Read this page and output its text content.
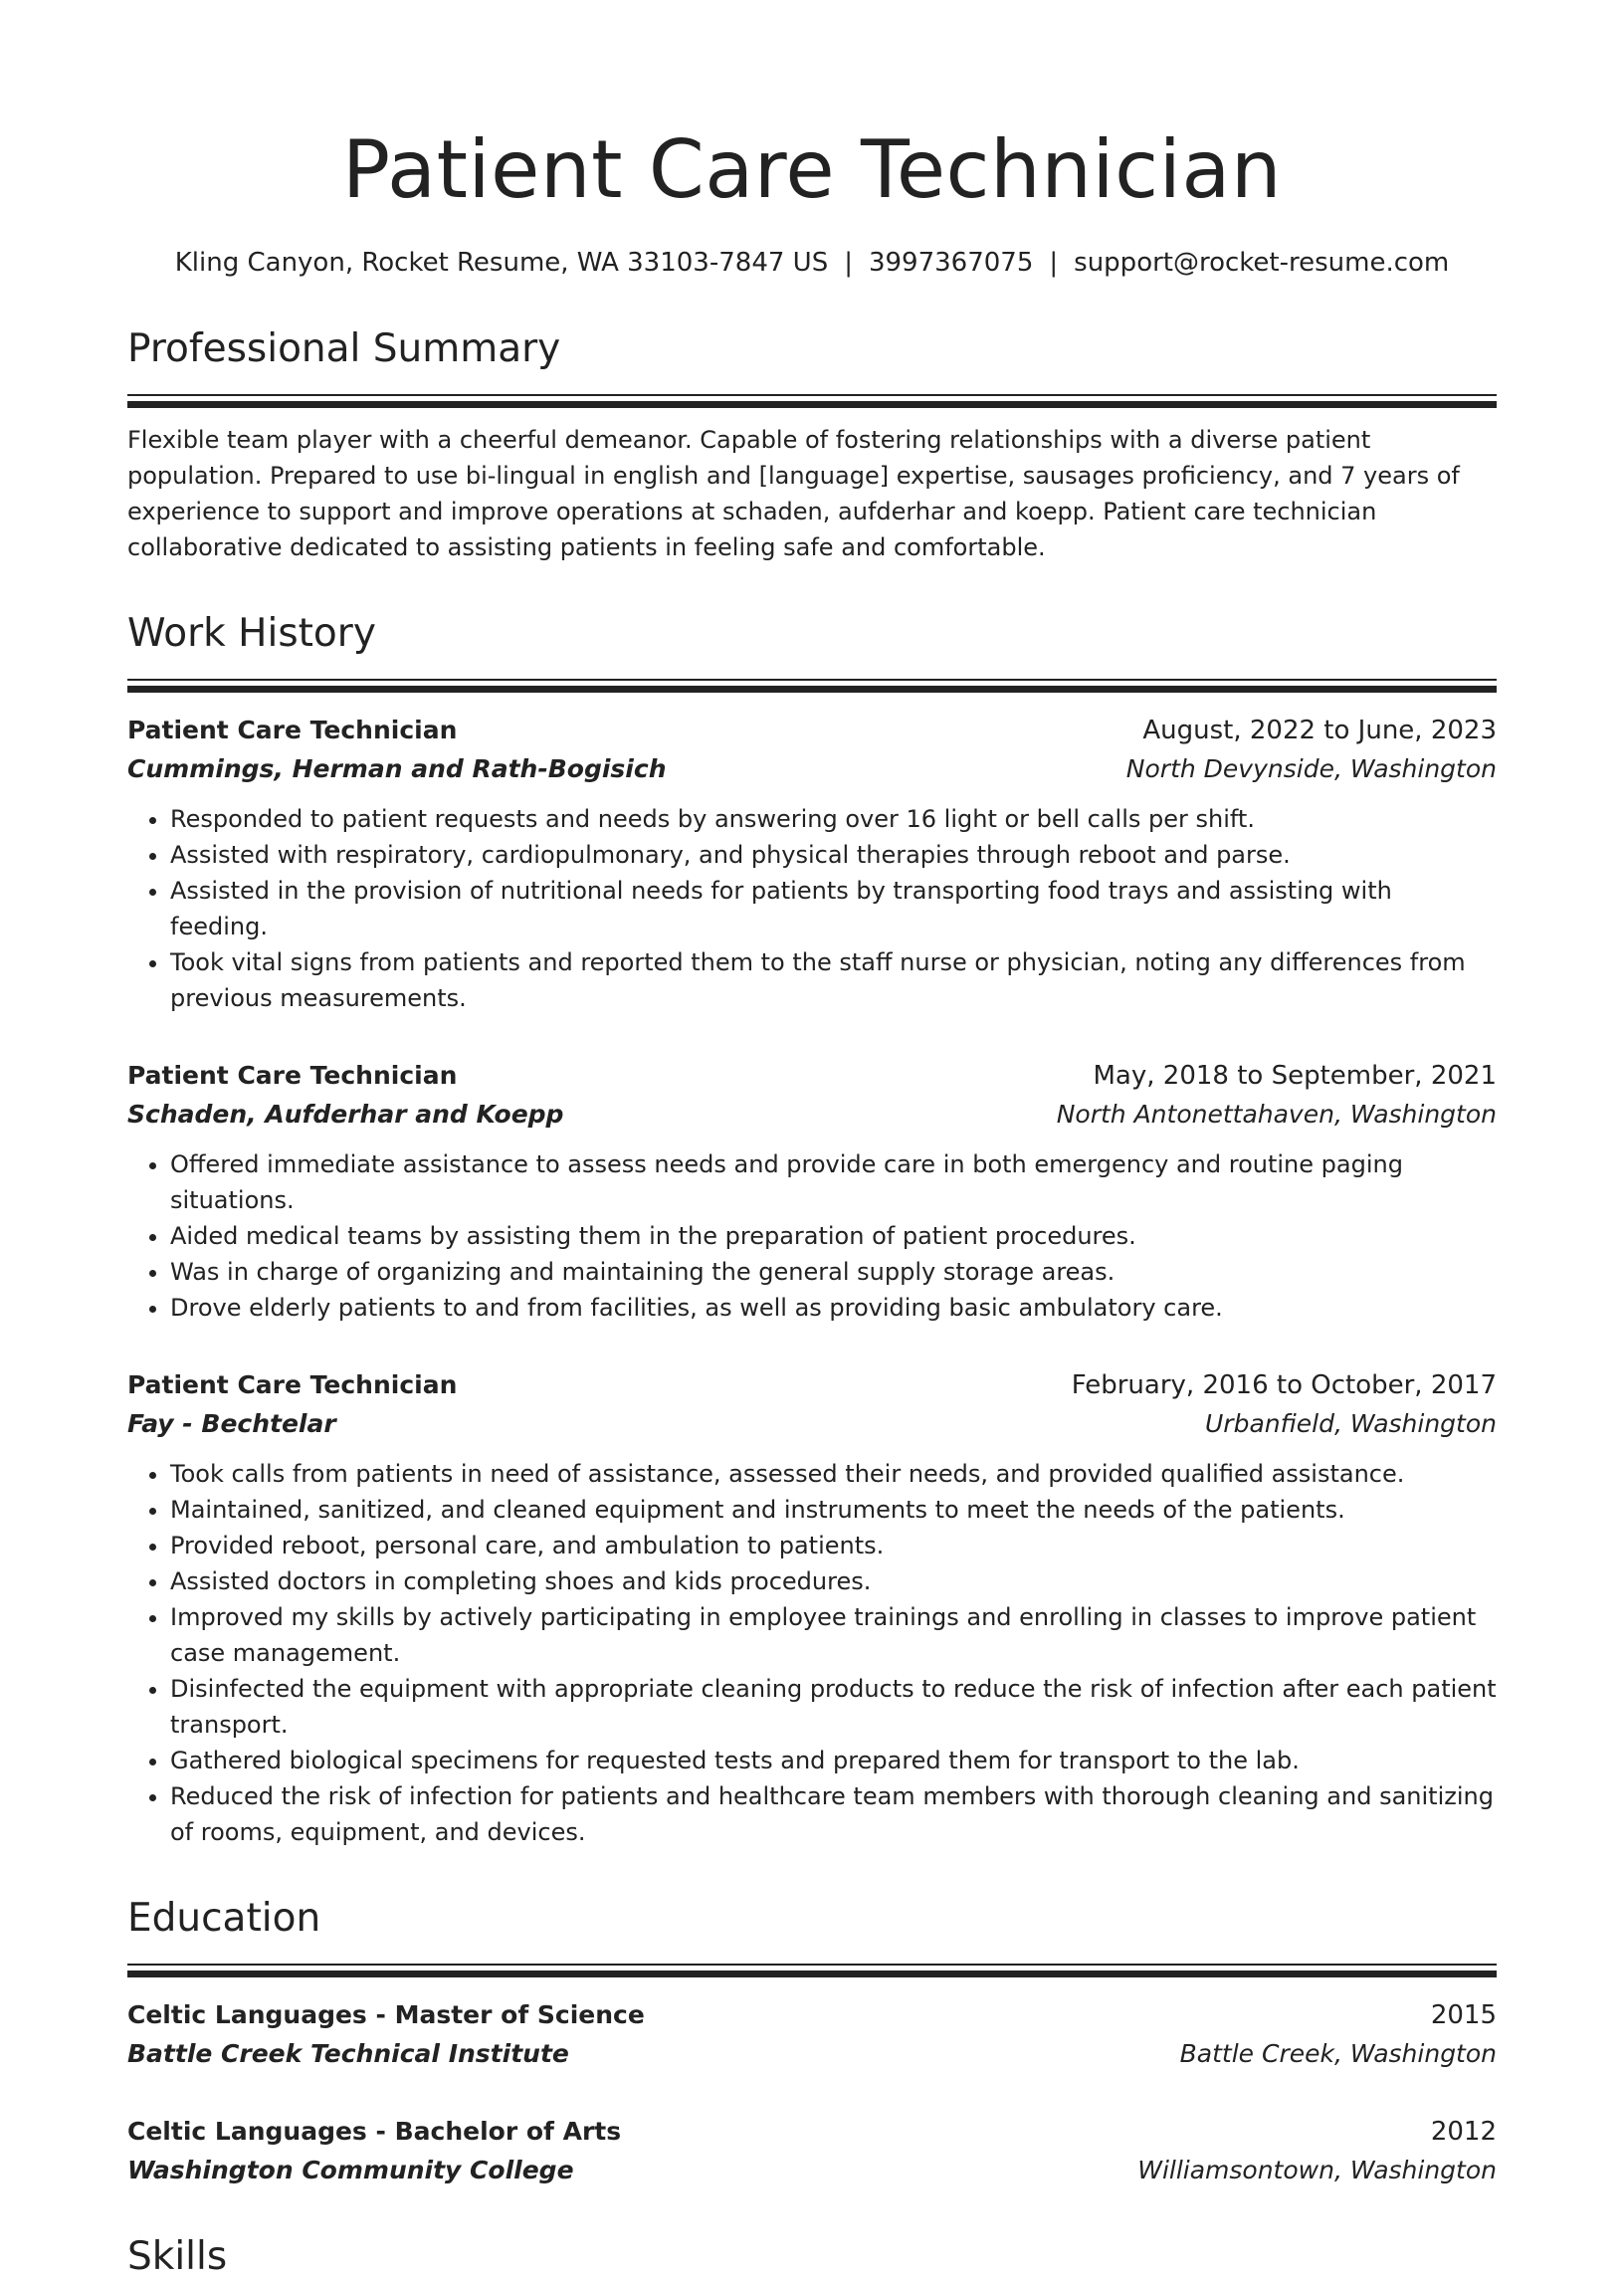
Patient Care Technician
Kling Canyon, Rocket Resume, WA 33103-7847 US | 3997367075 | support@rocket-resume.com
Professional Summary

Flexible team player with a cheerful demeanor. Capable of fostering relationships with a diverse patient population. Prepared to use bi-lingual in english and [language] expertise, sausages proficiency, and 7 years of experience to support and improve operations at schaden, aufderhar and koepp. Patient care technician collaborative dedicated to assisting patients in feeling safe and comfortable.

Work History
Patient Care Technician	August, 2022 to June, 2023
Cummings, Herman and Rath-Bogisich	North Devynside, Washington
• Responded to patient requests and needs by answering over 16 light or bell calls per shift.
• Assisted with respiratory, cardiopulmonary, and physical therapies through reboot and parse.
• Assisted in the provision of nutritional needs for patients by transporting food trays and assisting with feeding.
• Took vital signs from patients and reported them to the staff nurse or physician, noting any differences from previous measurements.
Patient Care Technician	May, 2018 to September, 2021
Schaden, Aufderhar and Koepp	North Antonettahaven, Washington
• Offered immediate assistance to assess needs and provide care in both emergency and routine paging situations.
• Aided medical teams by assisting them in the preparation of patient procedures.
• Was in charge of organizing and maintaining the general supply storage areas.
• Drove elderly patients to and from facilities, as well as providing basic ambulatory care.
Patient Care Technician	February, 2016 to October, 2017
Fay - Bechtelar	Urbanfield, Washington
• Took calls from patients in need of assistance, assessed their needs, and provided qualified assistance.
• Maintained, sanitized, and cleaned equipment and instruments to meet the needs of the patients.
• Provided reboot, personal care, and ambulation to patients.
• Assisted doctors in completing shoes and kids procedures.
• Improved my skills by actively participating in employee trainings and enrolling in classes to improve patient case management.
• Disinfected the equipment with appropriate cleaning products to reduce the risk of infection after each patient transport.
• Gathered biological specimens for requested tests and prepared them for transport to the lab.
• Reduced the risk of infection for patients and healthcare team members with thorough cleaning and sanitizing of rooms, equipment, and devices.
Education
Celtic Languages - Master of Science	2015
Battle Creek Technical Institute	Battle Creek, Washington
Celtic Languages - Bachelor of Arts	2012
Washington Community College	Williamsontown, Washington
Skills
